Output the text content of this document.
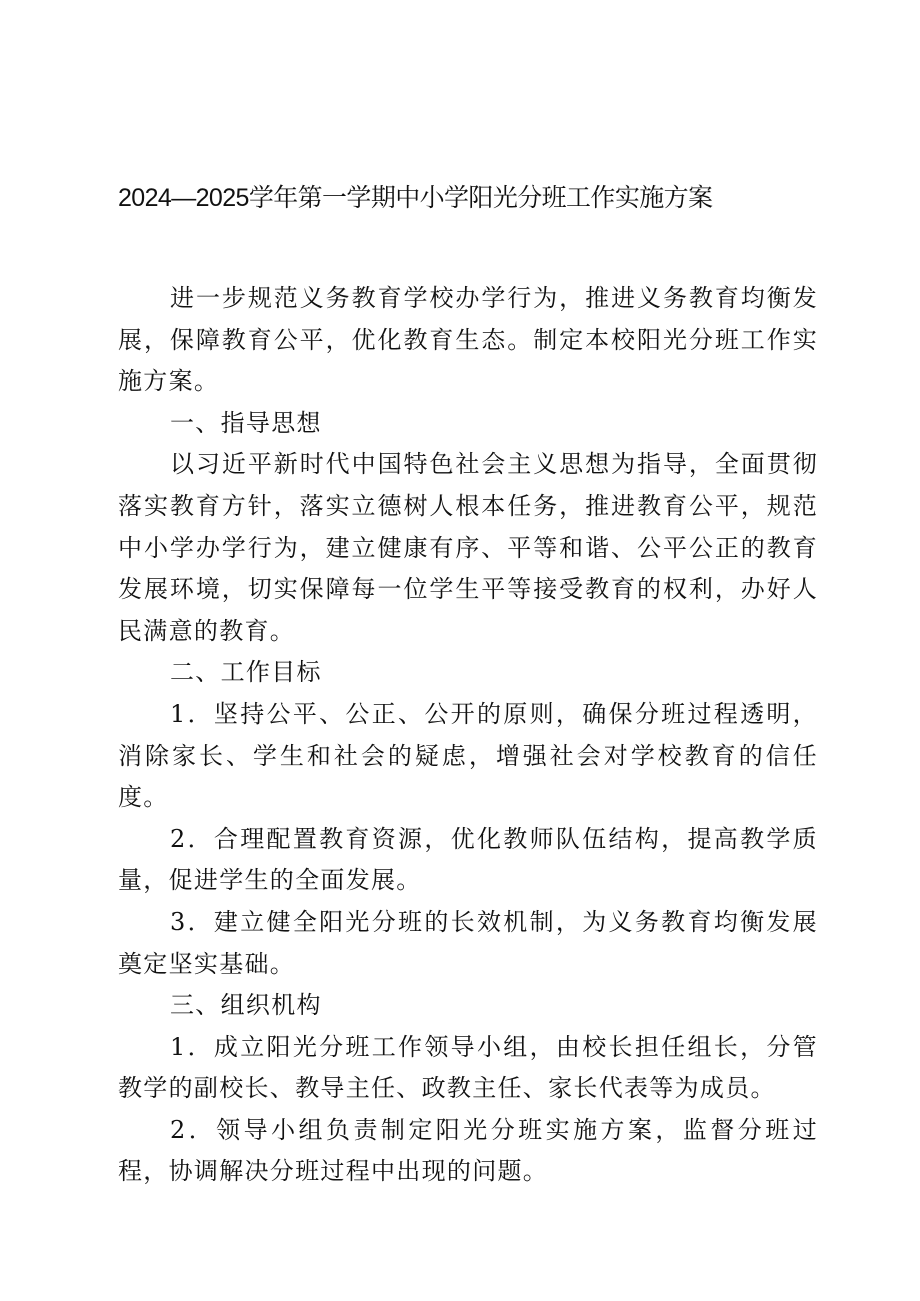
2024—2025学年第一学期中小学阳光分班工作实施方案

进一步规范义务教育学校办学行为，推进义务教育均衡发展，保障教育公平，优化教育生态。制定本校阳光分班工作实施方案。

一、指导思想

以习近平新时代中国特色社会主义思想为指导，全面贯彻落实教育方针，落实立德树人根本任务，推进教育公平，规范中小学办学行为，建立健康有序、平等和谐、公平公正的教育发展环境，切实保障每一位学生平等接受教育的权利，办好人民满意的教育。

二、工作目标

1．坚持公平、公正、公开的原则，确保分班过程透明，消除家长、学生和社会的疑虑，增强社会对学校教育的信任度。

2．合理配置教育资源，优化教师队伍结构，提高教学质量，促进学生的全面发展。

3．建立健全阳光分班的长效机制，为义务教育均衡发展奠定坚实基础。

三、组织机构

1．成立阳光分班工作领导小组，由校长担任组长，分管教学的副校长、教导主任、政教主任、家长代表等为成员。

2．领导小组负责制定阳光分班实施方案，监督分班过程，协调解决分班过程中出现的问题。
